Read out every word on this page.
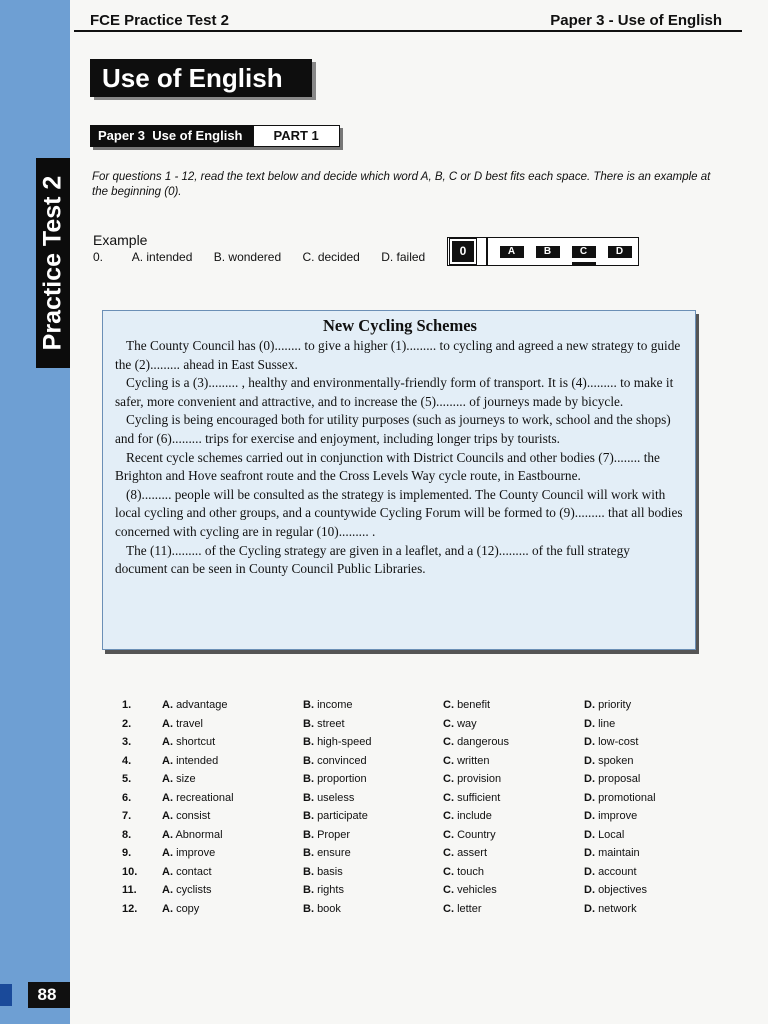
Practice Test 2
88
FCE Practice Test 2	Paper 3 - Use of English
Use of English
Paper 3  Use of English	PART 1
For questions 1 - 12, read the text below and decide which word A, B, C or D best fits each space. There is an example at the beginning (0).
Example
0. A. intended B. wondered C. decided D. failed	0	A	B	C	D
New Cycling Schemes

The County Council has (0)........ to give a higher (1)......... to cycling and agreed a new strategy to guide the (2)......... ahead in East Sussex.

Cycling is a (3)......... , healthy and environmentally-friendly form of transport. It is (4)......... to make it safer, more convenient and attractive, and to increase the (5)......... of journeys made by bicycle.

Cycling is being encouraged both for utility purposes (such as journeys to work, school and the shops) and for (6)......... trips for exercise and enjoyment, including longer trips by tourists.

Recent cycle schemes carried out in conjunction with District Councils and other bodies (7)........ the Brighton and Hove seafront route and the Cross Levels Way cycle route, in Eastbourne.

(8)......... people will be consulted as the strategy is implemented. The County Council will work with local cycling and other groups, and a countywide Cycling Forum will be formed to (9)......... that all bodies concerned with cycling are in regular (10)......... .

The (11)......... of the Cycling strategy are given in a leaflet, and a (12)......... of the full strategy document can be seen in County Council Public Libraries.

1.	A. advantage	B. income	C. benefit	D. priority
2.	A. travel	B. street	C. way	D. line
3.	A. shortcut	B. high-speed	C. dangerous	D. low-cost
4.	A. intended	B. convinced	C. written	D. spoken
5.	A. size	B. proportion	C. provision	D. proposal
6.	A. recreational	B. useless	C. sufficient	D. promotional
7.	A. consist	B. participate	C. include	D. improve
8.	A. Abnormal	B. Proper	C. Country	D. Local
9.	A. improve	B. ensure	C. assert	D. maintain
10. A. contact	B. basis	C. touch	D. account
11. A. cyclists	B. rights	C. vehicles	D. objectives
12. A. copy	B. book	C. letter	D. network
